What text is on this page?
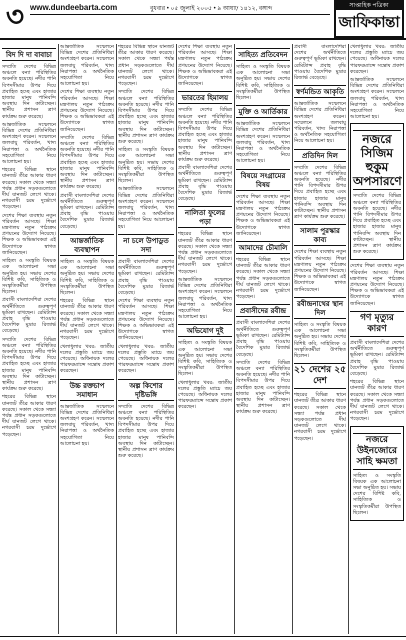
৩ www.dundeebarta.com	বুধবার • ০৫ জুলাই ২০০৫ • ৯ আষাঢ় ১৪১২, বঙ্গাব্দ	সাপ্তাহিক পত্রিকা
জাফিকান্তা
বিদ দি দা বাবাচা

সম্প্রতি দেশের বিভিন্ন অঞ্চলে বন্যা পরিস্থিতির অবনতি হয়েছে। নদীর পানি বিপদসীমার উপর দিয়ে প্রবাহিত হচ্ছে এবং হাজার হাজার মানুষ পানিবন্দি অবস্থায় দিন কাটাচ্ছেন। স্থানীয় প্রশাসন ত্রাণ কার্যক্রম শুরু করেছে।

আন্তর্জাতিক সম্মেলনে বিভিন্ন দেশের প্রতিনিধিরা অংশগ্রহণ করেন। সম্মেলনে জলবায়ু পরিবর্তন, খাদ্য নিরাপত্তা ও অর্থনৈতিক সহযোগিতা নিয়ে আলোচনা হয়।

শহরের বিভিন্ন স্থানে যানজট তীব্র আকার ধারণ করেছে। সকাল থেকে সন্ধ্যা পর্যন্ত প্রধান সড়কগুলোতে দীর্ঘ যানজট লেগে থাকে। নগরবাসী চরম দুর্ভোগে পড়েছেন।

দেশের শিক্ষা ব্যবস্থায় নতুন পরিবর্তন আসছে। শিক্ষা মন্ত্রণালয় নতুন পাঠ্যক্রম প্রণয়নের উদ্যোগ নিয়েছে। শিক্ষক ও অভিভাবকরা এই উদ্যোগকে স্বাগত জানিয়েছেন।

সাহিত্য ও সংস্কৃতি বিষয়ক এক আলোচনা সভা অনুষ্ঠিত হয়। সভায় দেশের বিশিষ্ট কবি, সাহিত্যিক ও সংস্কৃতিকর্মীরা উপস্থিত ছিলেন।

প্রবাসী বাংলাদেশিরা দেশের অর্থনীতিতে গুরুত্বপূর্ণ ভূমিকা রাখছেন। রেমিট্যান্স প্রবাহ বৃদ্ধি পাওয়ায় বৈদেশিক মুদ্রার রিজার্ভ বেড়েছে।

সম্প্রতি দেশের বিভিন্ন অঞ্চলে বন্যা পরিস্থিতির অবনতি হয়েছে। নদীর পানি বিপদসীমার উপর দিয়ে প্রবাহিত হচ্ছে এবং হাজার হাজার মানুষ পানিবন্দি অবস্থায় দিন কাটাচ্ছেন। স্থানীয় প্রশাসন ত্রাণ কার্যক্রম শুরু করেছে।

শহরের বিভিন্ন স্থানে যানজট তীব্র আকার ধারণ করেছে। সকাল থেকে সন্ধ্যা পর্যন্ত প্রধান সড়কগুলোতে দীর্ঘ যানজট লেগে থাকে। নগরবাসী চরম দুর্ভোগে পড়েছেন।

আন্তর্জাতিক সম্মেলনে বিভিন্ন দেশের প্রতিনিধিরা অংশগ্রহণ করেন। সম্মেলনে জলবায়ু পরিবর্তন, খাদ্য নিরাপত্তা ও অর্থনৈতিক সহযোগিতা নিয়ে আলোচনা হয়।

দেশের শিক্ষা ব্যবস্থায় নতুন পরিবর্তন আসছে। শিক্ষা মন্ত্রণালয় নতুন পাঠ্যক্রম প্রণয়নের উদ্যোগ নিয়েছে। শিক্ষক ও অভিভাবকরা এই উদ্যোগকে স্বাগত জানিয়েছেন।

সম্প্রতি দেশের বিভিন্ন অঞ্চলে বন্যা পরিস্থিতির অবনতি হয়েছে। নদীর পানি বিপদসীমার উপর দিয়ে প্রবাহিত হচ্ছে এবং হাজার হাজার মানুষ পানিবন্দি অবস্থায় দিন কাটাচ্ছেন। স্থানীয় প্রশাসন ত্রাণ কার্যক্রম শুরু করেছে।

প্রবাসী বাংলাদেশিরা দেশের অর্থনীতিতে গুরুত্বপূর্ণ ভূমিকা রাখছেন। রেমিট্যান্স প্রবাহ বৃদ্ধি পাওয়ায় বৈদেশিক মুদ্রার রিজার্ভ বেড়েছে।

আন্তর্জাতিক ব্যবস্থাপন

সাহিত্য ও সংস্কৃতি বিষয়ক এক আলোচনা সভা অনুষ্ঠিত হয়। সভায় দেশের বিশিষ্ট কবি, সাহিত্যিক ও সংস্কৃতিকর্মীরা উপস্থিত ছিলেন।

শহরের বিভিন্ন স্থানে যানজট তীব্র আকার ধারণ করেছে। সকাল থেকে সন্ধ্যা পর্যন্ত প্রধান সড়কগুলোতে দীর্ঘ যানজট লেগে থাকে। নগরবাসী চরম দুর্ভোগে পড়েছেন।

খেলাধুলার খবর: জাতীয় দলের প্রস্তুতি ম্যাচে জয় পেয়েছে। অধিনায়ক দলের পারফরম্যান্সে সন্তোষ প্রকাশ করেছেন।

উচ্চ রক্তচাপ সমাধান

আন্তর্জাতিক সম্মেলনে বিভিন্ন দেশের প্রতিনিধিরা অংশগ্রহণ করেন। সম্মেলনে জলবায়ু পরিবর্তন, খাদ্য নিরাপত্তা ও অর্থনৈতিক সহযোগিতা নিয়ে আলোচনা হয়।

শহরের বিভিন্ন স্থানে যানজট তীব্র আকার ধারণ করেছে। সকাল থেকে সন্ধ্যা পর্যন্ত প্রধান সড়কগুলোতে দীর্ঘ যানজট লেগে থাকে। নগরবাসী চরম দুর্ভোগে পড়েছেন।

সম্প্রতি দেশের বিভিন্ন অঞ্চলে বন্যা পরিস্থিতির অবনতি হয়েছে। নদীর পানি বিপদসীমার উপর দিয়ে প্রবাহিত হচ্ছে এবং হাজার হাজার মানুষ পানিবন্দি অবস্থায় দিন কাটাচ্ছেন। স্থানীয় প্রশাসন ত্রাণ কার্যক্রম শুরু করেছে।

সাহিত্য ও সংস্কৃতি বিষয়ক এক আলোচনা সভা অনুষ্ঠিত হয়। সভায় দেশের বিশিষ্ট কবি, সাহিত্যিক ও সংস্কৃতিকর্মীরা উপস্থিত ছিলেন।

আন্তর্জাতিক সম্মেলনে বিভিন্ন দেশের প্রতিনিধিরা অংশগ্রহণ করেন। সম্মেলনে জলবায়ু পরিবর্তন, খাদ্য নিরাপত্তা ও অর্থনৈতিক সহযোগিতা নিয়ে আলোচনা হয়।

না চলে উপাডুত সদা

প্রবাসী বাংলাদেশিরা দেশের অর্থনীতিতে গুরুত্বপূর্ণ ভূমিকা রাখছেন। রেমিট্যান্স প্রবাহ বৃদ্ধি পাওয়ায় বৈদেশিক মুদ্রার রিজার্ভ বেড়েছে।

দেশের শিক্ষা ব্যবস্থায় নতুন পরিবর্তন আসছে। শিক্ষা মন্ত্রণালয় নতুন পাঠ্যক্রম প্রণয়নের উদ্যোগ নিয়েছে। শিক্ষক ও অভিভাবকরা এই উদ্যোগকে স্বাগত জানিয়েছেন।

খেলাধুলার খবর: জাতীয় দলের প্রস্তুতি ম্যাচে জয় পেয়েছে। অধিনায়ক দলের পারফরম্যান্সে সন্তোষ প্রকাশ করেছেন।

অল্প কিশোর দৃষ্টিভঙ্গি

সম্প্রতি দেশের বিভিন্ন অঞ্চলে বন্যা পরিস্থিতির অবনতি হয়েছে। নদীর পানি বিপদসীমার উপর দিয়ে প্রবাহিত হচ্ছে এবং হাজার হাজার মানুষ পানিবন্দি অবস্থায় দিন কাটাচ্ছেন। স্থানীয় প্রশাসন ত্রাণ কার্যক্রম শুরু করেছে।

দেশের শিক্ষা ব্যবস্থায় নতুন পরিবর্তন আসছে। শিক্ষা মন্ত্রণালয় নতুন পাঠ্যক্রম প্রণয়নের উদ্যোগ নিয়েছে। শিক্ষক ও অভিভাবকরা এই উদ্যোগকে স্বাগত জানিয়েছেন।

ভারতের হিমালয়

সম্প্রতি দেশের বিভিন্ন অঞ্চলে বন্যা পরিস্থিতির অবনতি হয়েছে। নদীর পানি বিপদসীমার উপর দিয়ে প্রবাহিত হচ্ছে এবং হাজার হাজার মানুষ পানিবন্দি অবস্থায় দিন কাটাচ্ছেন। স্থানীয় প্রশাসন ত্রাণ কার্যক্রম শুরু করেছে।

প্রবাসী বাংলাদেশিরা দেশের অর্থনীতিতে গুরুত্বপূর্ণ ভূমিকা রাখছেন। রেমিট্যান্স প্রবাহ বৃদ্ধি পাওয়ায় বৈদেশিক মুদ্রার রিজার্ভ বেড়েছে।

নালিতা ফুলের পড়া

শহরের বিভিন্ন স্থানে যানজট তীব্র আকার ধারণ করেছে। সকাল থেকে সন্ধ্যা পর্যন্ত প্রধান সড়কগুলোতে দীর্ঘ যানজট লেগে থাকে। নগরবাসী চরম দুর্ভোগে পড়েছেন।

আন্তর্জাতিক সম্মেলনে বিভিন্ন দেশের প্রতিনিধিরা অংশগ্রহণ করেন। সম্মেলনে জলবায়ু পরিবর্তন, খাদ্য নিরাপত্তা ও অর্থনৈতিক সহযোগিতা নিয়ে আলোচনা হয়।

অভিযোগ দুই

সাহিত্য ও সংস্কৃতি বিষয়ক এক আলোচনা সভা অনুষ্ঠিত হয়। সভায় দেশের বিশিষ্ট কবি, সাহিত্যিক ও সংস্কৃতিকর্মীরা উপস্থিত ছিলেন।

খেলাধুলার খবর: জাতীয় দলের প্রস্তুতি ম্যাচে জয় পেয়েছে। অধিনায়ক দলের পারফরম্যান্সে সন্তোষ প্রকাশ করেছেন।

সাহিত্য প্রতিবেদন

সাহিত্য ও সংস্কৃতি বিষয়ক এক আলোচনা সভা অনুষ্ঠিত হয়। সভায় দেশের বিশিষ্ট কবি, সাহিত্যিক ও সংস্কৃতিকর্মীরা উপস্থিত ছিলেন।

মুক্তি ও আর্তিকার

আন্তর্জাতিক সম্মেলনে বিভিন্ন দেশের প্রতিনিধিরা অংশগ্রহণ করেন। সম্মেলনে জলবায়ু পরিবর্তন, খাদ্য নিরাপত্তা ও অর্থনৈতিক সহযোগিতা নিয়ে আলোচনা হয়।

বিষয়ে সংগ্রামের বিষয়

দেশের শিক্ষা ব্যবস্থায় নতুন পরিবর্তন আসছে। শিক্ষা মন্ত্রণালয় নতুন পাঠ্যক্রম প্রণয়নের উদ্যোগ নিয়েছে। শিক্ষক ও অভিভাবকরা এই উদ্যোগকে স্বাগত জানিয়েছেন।

আমাদের চৌমালি

শহরের বিভিন্ন স্থানে যানজট তীব্র আকার ধারণ করেছে। সকাল থেকে সন্ধ্যা পর্যন্ত প্রধান সড়কগুলোতে দীর্ঘ যানজট লেগে থাকে। নগরবাসী চরম দুর্ভোগে পড়েছেন।

প্রবাসীদের রবীন্দ্র

প্রবাসী বাংলাদেশিরা দেশের অর্থনীতিতে গুরুত্বপূর্ণ ভূমিকা রাখছেন। রেমিট্যান্স প্রবাহ বৃদ্ধি পাওয়ায় বৈদেশিক মুদ্রার রিজার্ভ বেড়েছে।

সম্প্রতি দেশের বিভিন্ন অঞ্চলে বন্যা পরিস্থিতির অবনতি হয়েছে। নদীর পানি বিপদসীমার উপর দিয়ে প্রবাহিত হচ্ছে এবং হাজার হাজার মানুষ পানিবন্দি অবস্থায় দিন কাটাচ্ছেন। স্থানীয় প্রশাসন ত্রাণ কার্যক্রম শুরু করেছে।

প্রবাসী বাংলাদেশিরা দেশের অর্থনীতিতে গুরুত্বপূর্ণ ভূমিকা রাখছেন। রেমিট্যান্স প্রবাহ বৃদ্ধি পাওয়ায় বৈদেশিক মুদ্রার রিজার্ভ বেড়েছে।

স্বর্ণমন্ডিত আকৃতি

আন্তর্জাতিক সম্মেলনে বিভিন্ন দেশের প্রতিনিধিরা অংশগ্রহণ করেন। সম্মেলনে জলবায়ু পরিবর্তন, খাদ্য নিরাপত্তা ও অর্থনৈতিক সহযোগিতা নিয়ে আলোচনা হয়।

প্রতিদিন দিল

সম্প্রতি দেশের বিভিন্ন অঞ্চলে বন্যা পরিস্থিতির অবনতি হয়েছে। নদীর পানি বিপদসীমার উপর দিয়ে প্রবাহিত হচ্ছে এবং হাজার হাজার মানুষ পানিবন্দি অবস্থায় দিন কাটাচ্ছেন। স্থানীয় প্রশাসন ত্রাণ কার্যক্রম শুরু করেছে।

সালাম পুরস্কার কাব্য

দেশের শিক্ষা ব্যবস্থায় নতুন পরিবর্তন আসছে। শিক্ষা মন্ত্রণালয় নতুন পাঠ্যক্রম প্রণয়নের উদ্যোগ নিয়েছে। শিক্ষক ও অভিভাবকরা এই উদ্যোগকে স্বাগত জানিয়েছেন।

রবীন্দ্রনাথের স্থান দিল

সাহিত্য ও সংস্কৃতি বিষয়ক এক আলোচনা সভা অনুষ্ঠিত হয়। সভায় দেশের বিশিষ্ট কবি, সাহিত্যিক ও সংস্কৃতিকর্মীরা উপস্থিত ছিলেন।

২১ দেশের ২৫ দেশ

শহরের বিভিন্ন স্থানে যানজট তীব্র আকার ধারণ করেছে। সকাল থেকে সন্ধ্যা পর্যন্ত প্রধান সড়কগুলোতে দীর্ঘ যানজট লেগে থাকে। নগরবাসী চরম দুর্ভোগে পড়েছেন।

খেলাধুলার খবর: জাতীয় দলের প্রস্তুতি ম্যাচে জয় পেয়েছে। অধিনায়ক দলের পারফরম্যান্সে সন্তোষ প্রকাশ করেছেন।

আন্তর্জাতিক সম্মেলনে বিভিন্ন দেশের প্রতিনিধিরা অংশগ্রহণ করেন। সম্মেলনে জলবায়ু পরিবর্তন, খাদ্য নিরাপত্তা ও অর্থনৈতিক সহযোগিতা নিয়ে আলোচনা হয়।

নজরে সিজিম হুকুম অপসারণে

সম্প্রতি দেশের বিভিন্ন অঞ্চলে বন্যা পরিস্থিতির অবনতি হয়েছে। নদীর পানি বিপদসীমার উপর দিয়ে প্রবাহিত হচ্ছে এবং হাজার হাজার মানুষ পানিবন্দি অবস্থায় দিন কাটাচ্ছেন। স্থানীয় প্রশাসন ত্রাণ কার্যক্রম শুরু করেছে।

দেশের শিক্ষা ব্যবস্থায় নতুন পরিবর্তন আসছে। শিক্ষা মন্ত্রণালয় নতুন পাঠ্যক্রম প্রণয়নের উদ্যোগ নিয়েছে। শিক্ষক ও অভিভাবকরা এই উদ্যোগকে স্বাগত জানিয়েছেন।

গণ মৃত্যুর কারণ

প্রবাসী বাংলাদেশিরা দেশের অর্থনীতিতে গুরুত্বপূর্ণ ভূমিকা রাখছেন। রেমিট্যান্স প্রবাহ বৃদ্ধি পাওয়ায় বৈদেশিক মুদ্রার রিজার্ভ বেড়েছে।

শহরের বিভিন্ন স্থানে যানজট তীব্র আকার ধারণ করেছে। সকাল থেকে সন্ধ্যা পর্যন্ত প্রধান সড়কগুলোতে দীর্ঘ যানজট লেগে থাকে। নগরবাসী চরম দুর্ভোগে পড়েছেন।

নজরে উইনজোরে সাহি ক্ষমতা

সাহিত্য ও সংস্কৃতি বিষয়ক এক আলোচনা সভা অনুষ্ঠিত হয়। সভায় দেশের বিশিষ্ট কবি, সাহিত্যিক ও সংস্কৃতিকর্মীরা উপস্থিত ছিলেন।
